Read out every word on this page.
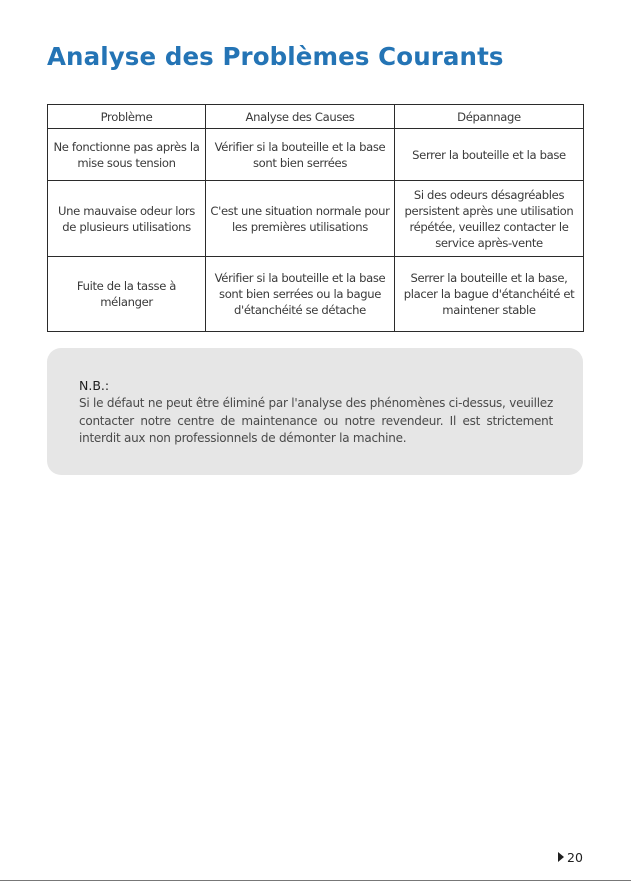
Analyse des Problèmes Courants
Problème	Analyse des Causes	Dépannage
Ne fonctionne pas après la mise sous tension	Vérifier si la bouteille et la base sont bien serrées	Serrer la bouteille et la base
Une mauvaise odeur lors de plusieurs utilisations	C'est une situation normale pour les premières utilisations	Si des odeurs désagréables persistent après une utilisation répétée, veuillez contacter le service après-vente
Fuite de la tasse à mélanger	Vérifier si la bouteille et la base sont bien serrées ou la bague d'étanchéité se détache	Serrer la bouteille et la base, placer la bague d'étanchéité et maintener stable
N.B.:
Si le défaut ne peut être éliminé par l'analyse des phénomènes ci-dessus, veuillez contacter notre centre de maintenance ou notre revendeur. Il est strictement interdit aux non professionnels de démonter la machine.
20
